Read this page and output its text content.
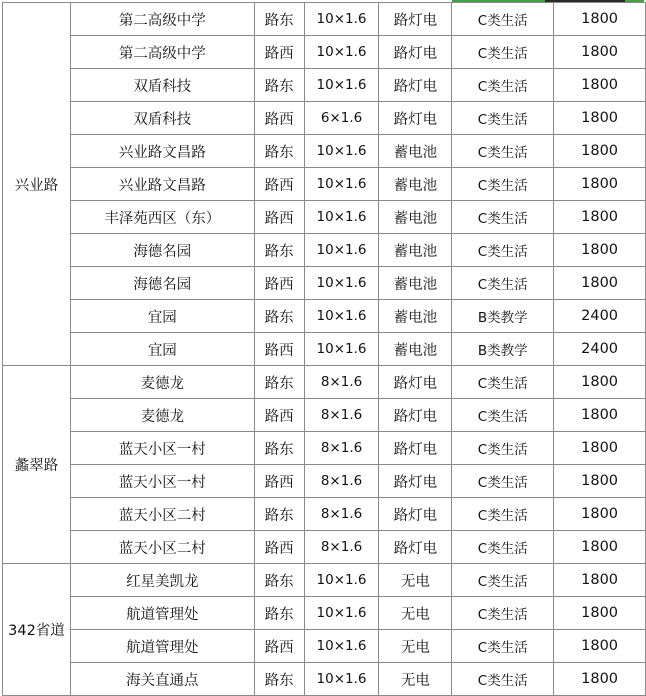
兴业路	第二高级中学	路东	10×1.6	路灯电	C类生活	1800
	第二高级中学	路西	10×1.6	路灯电	C类生活	1800
	双盾科技	路东	10×1.6	路灯电	C类生活	1800
	双盾科技	路西	6×1.6	路灯电	C类生活	1800
	兴业路文昌路	路东	10×1.6	蓄电池	C类生活	1800
	兴业路文昌路	路西	10×1.6	蓄电池	C类生活	1800
	丰泽苑西区（东）	路西	10×1.6	蓄电池	C类生活	1800
	海德名园	路东	10×1.6	蓄电池	C类生活	1800
	海德名园	路西	10×1.6	蓄电池	C类生活	1800
	宜园	路东	10×1.6	蓄电池	B类教学	2400
	宜园	路西	10×1.6	蓄电池	B类教学	2400
蠡翠路	麦德龙	路东	8×1.6	路灯电	C类生活	1800
	麦德龙	路西	8×1.6	路灯电	C类生活	1800
	蓝天小区一村	路东	8×1.6	路灯电	C类生活	1800
	蓝天小区一村	路西	8×1.6	路灯电	C类生活	1800
	蓝天小区二村	路东	8×1.6	路灯电	C类生活	1800
	蓝天小区二村	路西	8×1.6	路灯电	C类生活	1800
342省道	红星美凯龙	路东	10×1.6	无电	C类生活	1800
	航道管理处	路东	10×1.6	无电	C类生活	1800
	航道管理处	路西	10×1.6	无电	C类生活	1800
	海关直通点	路东	10×1.6	无电	C类生活	1800
